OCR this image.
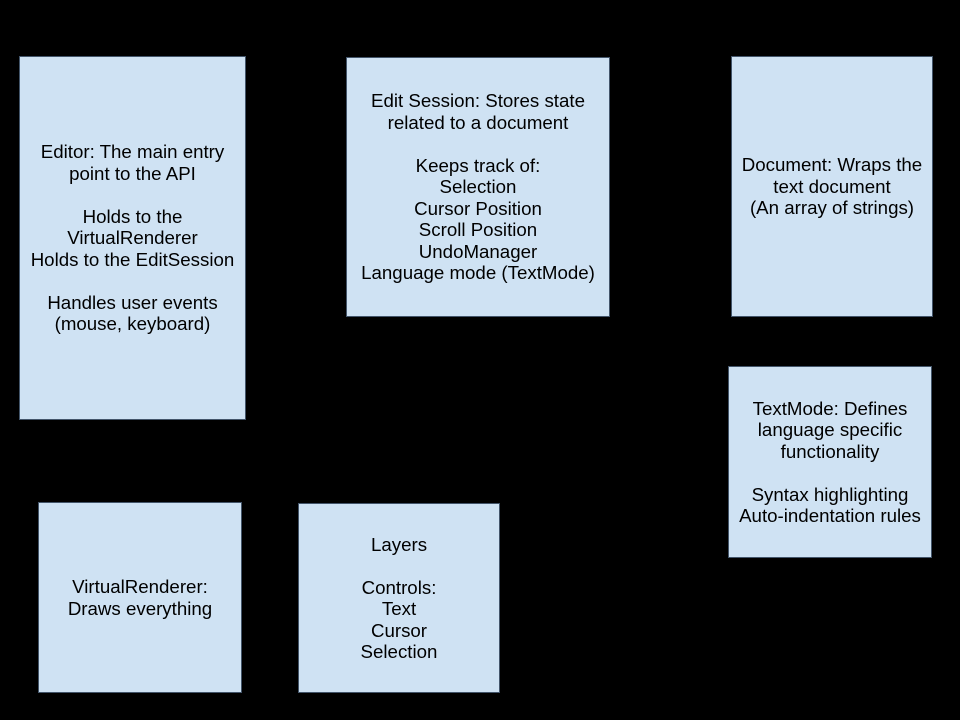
Editor: The main entry
point to the API
Holds to the
VirtualRenderer
Holds to the EditSession
Handles user events
(mouse, keyboard)
Edit Session: Stores state
related to a document
Keeps track of:
Selection
Cursor Position
Scroll Position
UndoManager
Language mode (TextMode)
Document: Wraps the
text document
(An array of strings)
TextMode: Defines
language specific
functionality
Syntax highlighting
Auto-indentation rules
VirtualRenderer:
Draws everything
Layers
Controls:
Text
Cursor
Selection
